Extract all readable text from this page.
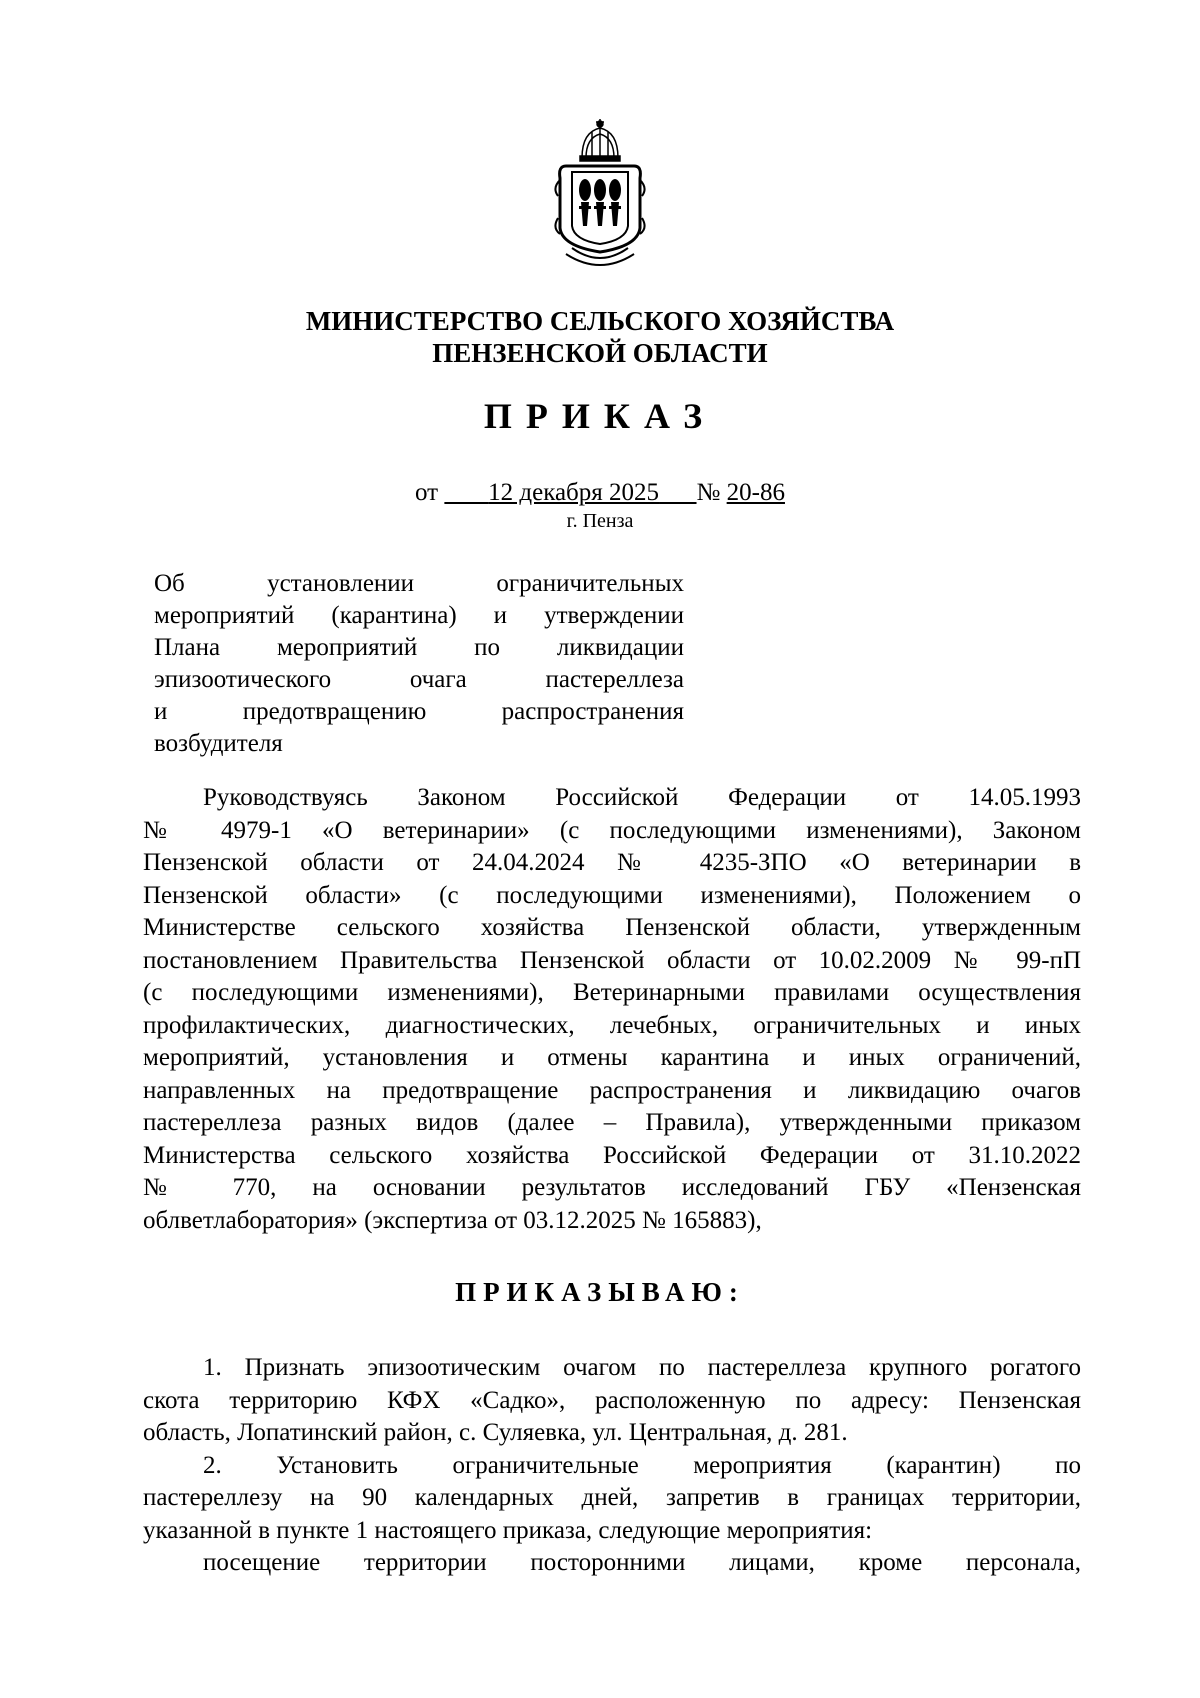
МИНИСТЕРСТВО СЕЛЬСКОГО ХОЗЯЙСТВА
ПЕНЗЕНСКОЙ ОБЛАСТИ
ПРИКАЗ
от 12 декабря 2025 № 20-86
г. Пенза
Об установлении ограничительных
мероприятий (карантина) и утверждении
Плана мероприятий по ликвидации
эпизоотического очага пастереллеза
и предотвращению распространения
возбудителя
Руководствуясь Законом Российской Федерации от 14.05.1993
№ 4979-1 «О ветеринарии» (с последующими изменениями), Законом
Пензенской области от 24.04.2024 № 4235-ЗПО «О ветеринарии в
Пензенской области» (с последующими изменениями), Положением о
Министерстве сельского хозяйства Пензенской области, утвержденным
постановлением Правительства Пензенской области от 10.02.2009 № 99-пП
(с последующими изменениями), Ветеринарными правилами осуществления
профилактических, диагностических, лечебных, ограничительных и иных
мероприятий, установления и отмены карантина и иных ограничений,
направленных на предотвращение распространения и ликвидацию очагов
пастереллеза разных видов (далее – Правила), утвержденными приказом
Министерства сельского хозяйства Российской Федерации от 31.10.2022
№ 770, на основании результатов исследований ГБУ «Пензенская
облветлаборатория» (экспертиза от 03.12.2025 № 165883),
ПРИКАЗЫВАЮ:
1. Признать эпизоотическим очагом по пастереллеза крупного рогатого
скота территорию КФХ «Садко», расположенную по адресу: Пензенская
область, Лопатинский район, с. Суляевка, ул. Центральная, д. 281.
2. Установить ограничительные мероприятия (карантин) по
пастереллезу на 90 календарных дней, запретив в границах территории,
указанной в пункте 1 настоящего приказа, следующие мероприятия:
посещение территории посторонними лицами, кроме персонала,
